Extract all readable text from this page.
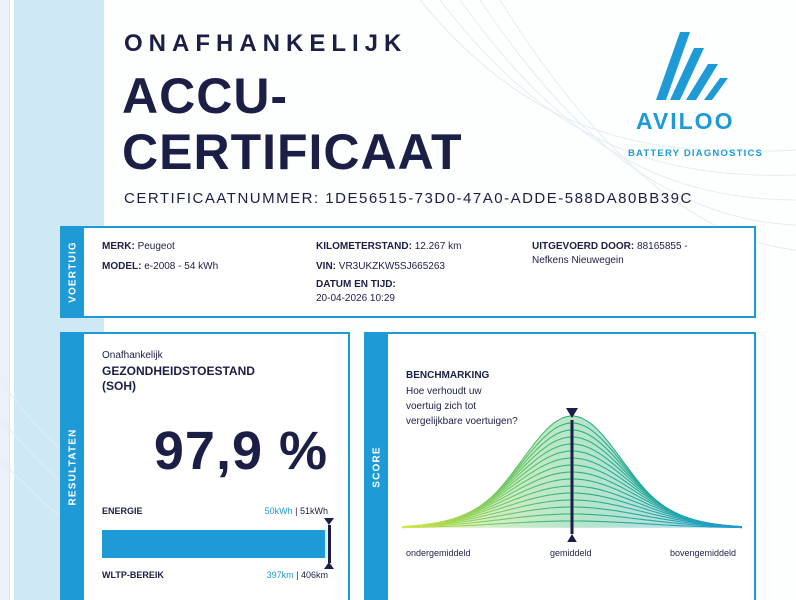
ONAFHANKELIJK
ACCU-
CERTIFICAAT
CERTIFICAATNUMMER: 1DE56515-73D0-47A0-ADDE-588DA80BB39C
AVILOO
BATTERY DIAGNOSTICS
VOERTUIG MERK: Peugeot
MODEL: e-2008 - 54 kWh
KILOMETERSTAND: 12.267 km
VIN: VR3UKZKW5SJ665263
DATUM EN TIJD:
20-04-2026 10:29
UITGEVOERD DOOR: 88165855 -
Nefkens Nieuwegein
RESULTATEN
Onafhankelijk
GEZONDHEIDSTOESTAND
(SOH)
97,9 %
ENERGIE	50kWh | 51kWh
WLTP-BEREIK	397km | 406km
SCORE
BENCHMARKING
Hoe verhoudt uw
voertuig zich tot
vergelijkbare voertuigen?
ondergemiddeld	gemiddeld	bovengemiddeld
